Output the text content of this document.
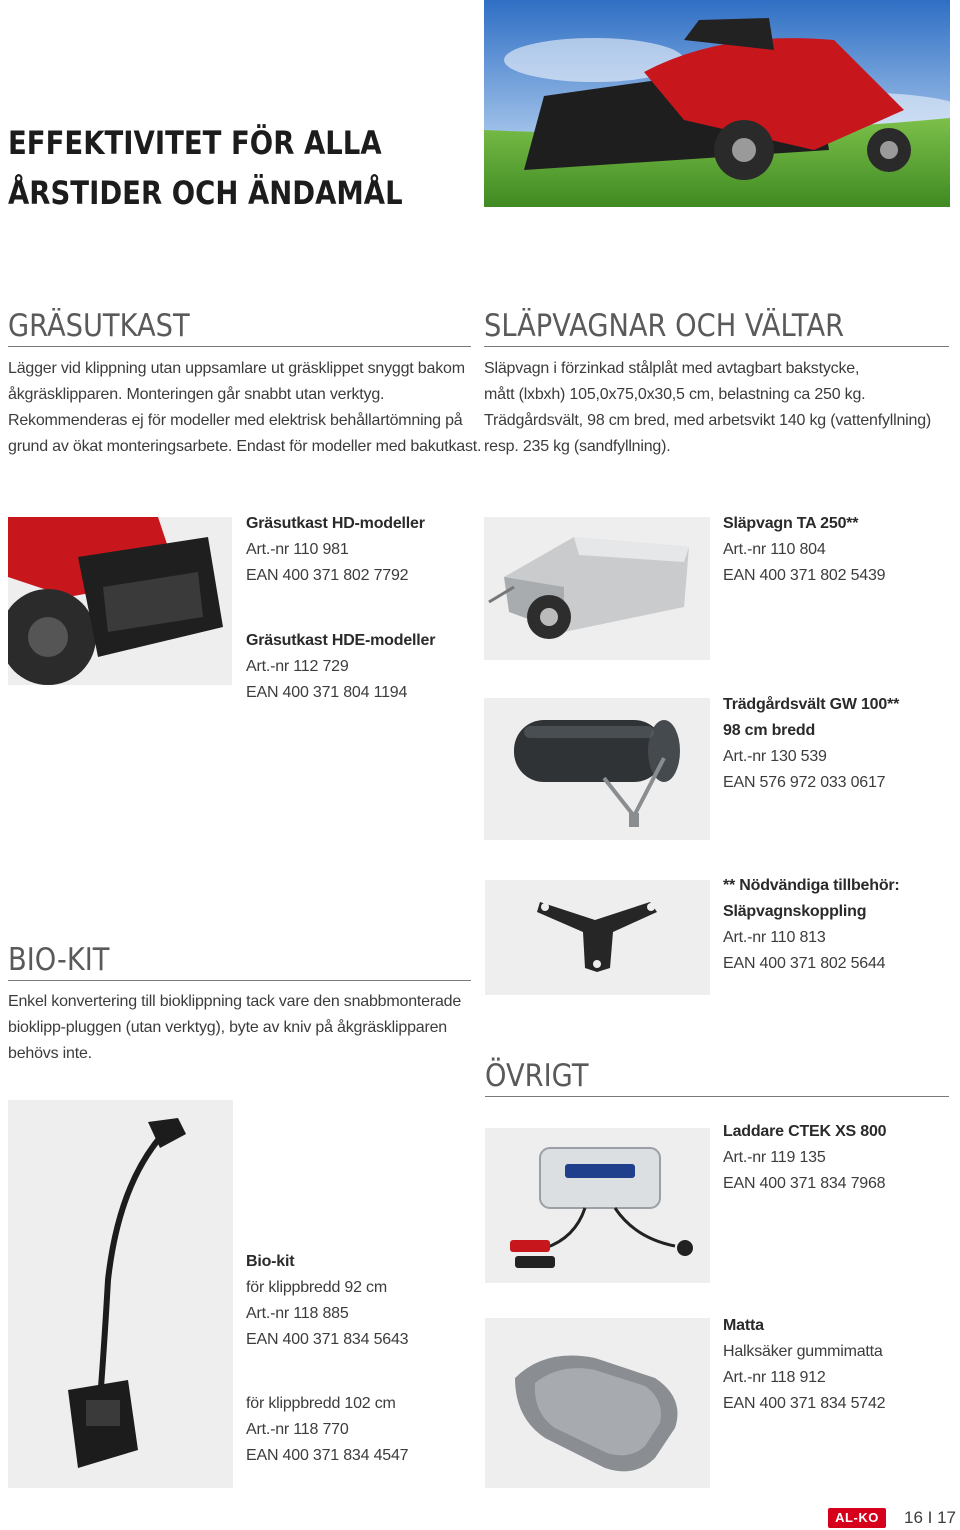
EFFEKTIVITET FÖR ALLA
ÅRSTIDER OCH ÄNDAMÅL
GRÄSUTKAST

Lägger vid klippning utan uppsamlare ut gräsklippet snyggt bakom
åkgräsklipparen. Monteringen går snabbt utan verktyg.
Rekommenderas ej för modeller med elektrisk behållartömning på
grund av ökat monteringsarbete. Endast för modeller med bakutkast.

SLÄPVAGNAR OCH VÄLTAR

Släpvagn i förzinkad stålplåt med avtagbart bakstycke,
mått (lxbxh) 105,0x75,0x30,5 cm, belastning ca 250 kg.
Trädgårdsvält, 98 cm bred, med arbetsvikt 140 kg (vattenfyllning)
resp. 235 kg (sandfyllning).

Gräsutkast HD-modeller
Art.-nr 110 981
EAN 400 371 802 7792
Gräsutkast HDE-modeller
Art.-nr 112 729
EAN 400 371 804 1194
Släpvagn TA 250**
Art.-nr 110 804
EAN 400 371 802 5439
Trädgårdsvält GW 100**
98 cm bredd
Art.-nr 130 539
EAN 576 972 033 0617
** Nödvändiga tillbehör:
Släpvagnskoppling
Art.-nr 110 813
EAN 400 371 802 5644
BIO-KIT

Enkel konvertering till bioklippning tack vare den snabbmonterade
bioklipp-pluggen (utan verktyg), byte av kniv på åkgräsklipparen
behövs inte.

ÖVRIGT
Bio-kit
för klippbredd 92 cm
Art.-nr 118 885
EAN 400 371 834 5643
för klippbredd 102 cm
Art.-nr 118 770
EAN 400 371 834 4547
Laddare CTEK XS 800
Art.-nr 119 135
EAN 400 371 834 7968
Matta
Halksäker gummimatta
Art.-nr 118 912
EAN 400 371 834 5742
AL-KO	16 I 17
